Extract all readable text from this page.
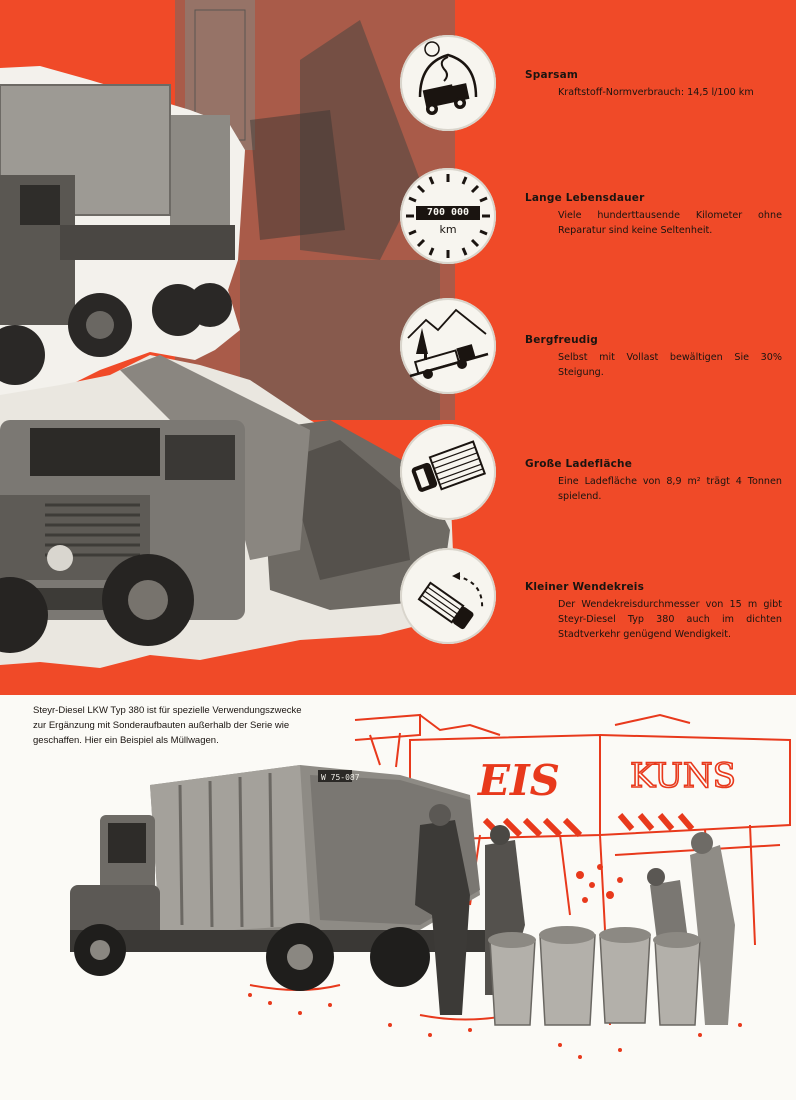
Sparsam
Kraftstoff-Normverbrauch: 14,5 l/100 km
700 000
km
Lange Lebensdauer
Viele hunderttausende Kilometer ohne Reparatur sind keine Seltenheit.
Bergfreudig
Selbst mit Vollast bewältigen Sie 30% Steigung.
Große Ladefläche
Eine Ladefläche von 8,9 m² trägt 4 Tonnen spielend.
Kleiner Wendekreis
Der Wendekreisdurchmesser von 15 m gibt Steyr-Diesel Typ 380 auch im dichten Stadtverkehr genügend Wendigkeit.
Steyr-Diesel LKW Typ 380 ist für spezielle Verwendungszwecke zur Ergänzung mit Sonderaufbauten außerhalb der Serie wie geschaffen. Hier ein Beispiel als Müllwagen.
EIS KUNS
W 75-087
